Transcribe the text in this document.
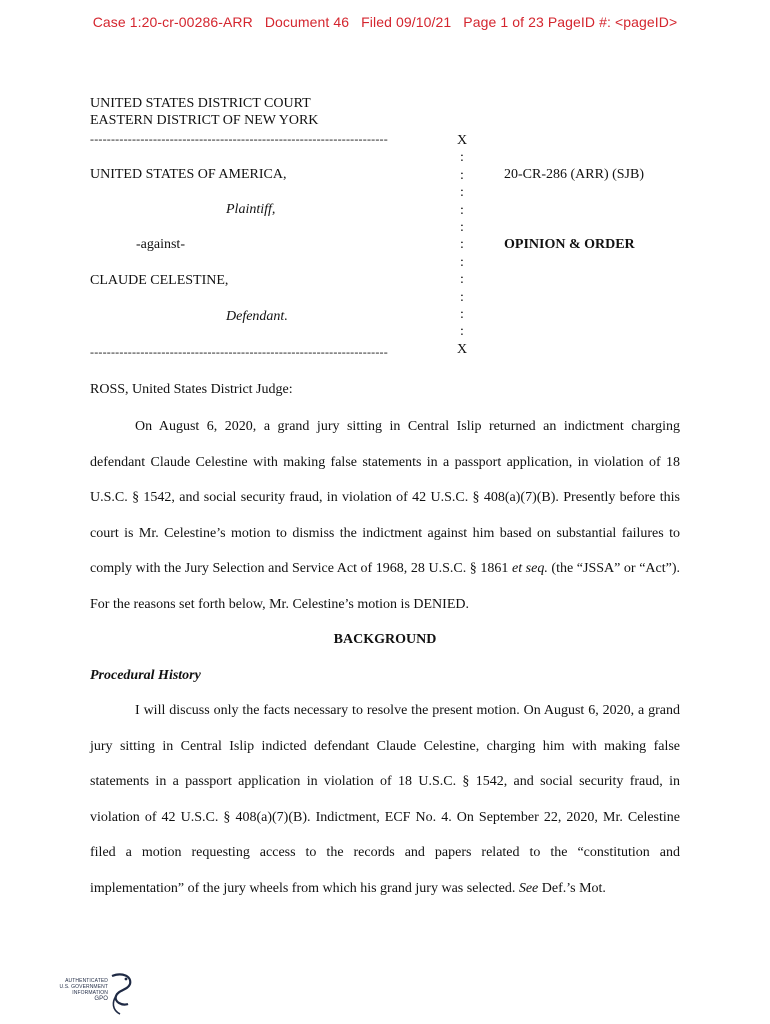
Case 1:20-cr-00286-ARR   Document 46   Filed 09/10/21   Page 1 of 23 PageID #: <pageID>
UNITED STATES DISTRICT COURT
EASTERN DISTRICT OF NEW YORK
-----------------------------------------------------------------------
-----------------------------------------------------------------------
X
:
:
:
:
:
:
:
:
:
:
:
X
UNITED STATES OF AMERICA,
Plaintiff,
-against-
CLAUDE CELESTINE,
Defendant.
20-CR-286 (ARR) (SJB)
OPINION & ORDER
ROSS, United States District Judge:
On August 6, 2020, a grand jury sitting in Central Islip returned an indictment charging defendant Claude Celestine with making false statements in a passport application, in violation of 18 U.S.C. § 1542, and social security fraud, in violation of 42 U.S.C. § 408(a)(7)(B). Presently before this court is Mr. Celestine’s motion to dismiss the indictment against him based on substantial failures to comply with the Jury Selection and Service Act of 1968, 28 U.S.C. § 1861 et seq. (the “JSSA” or “Act”). For the reasons set forth below, Mr. Celestine’s motion is DENIED.
BACKGROUND
Procedural History
I will discuss only the facts necessary to resolve the present motion. On August 6, 2020, a grand jury sitting in Central Islip indicted defendant Claude Celestine, charging him with making false statements in a passport application in violation of 18 U.S.C. § 1542, and social security fraud, in violation of 42 U.S.C. § 408(a)(7)(B). Indictment, ECF No. 4. On September 22, 2020, Mr. Celestine filed a motion requesting access to the records and papers related to the “constitution and implementation” of the jury wheels from which his grand jury was selected. See Def.’s Mot.
AUTHENTICATED
U.S. GOVERNMENT
INFORMATION
GPO
